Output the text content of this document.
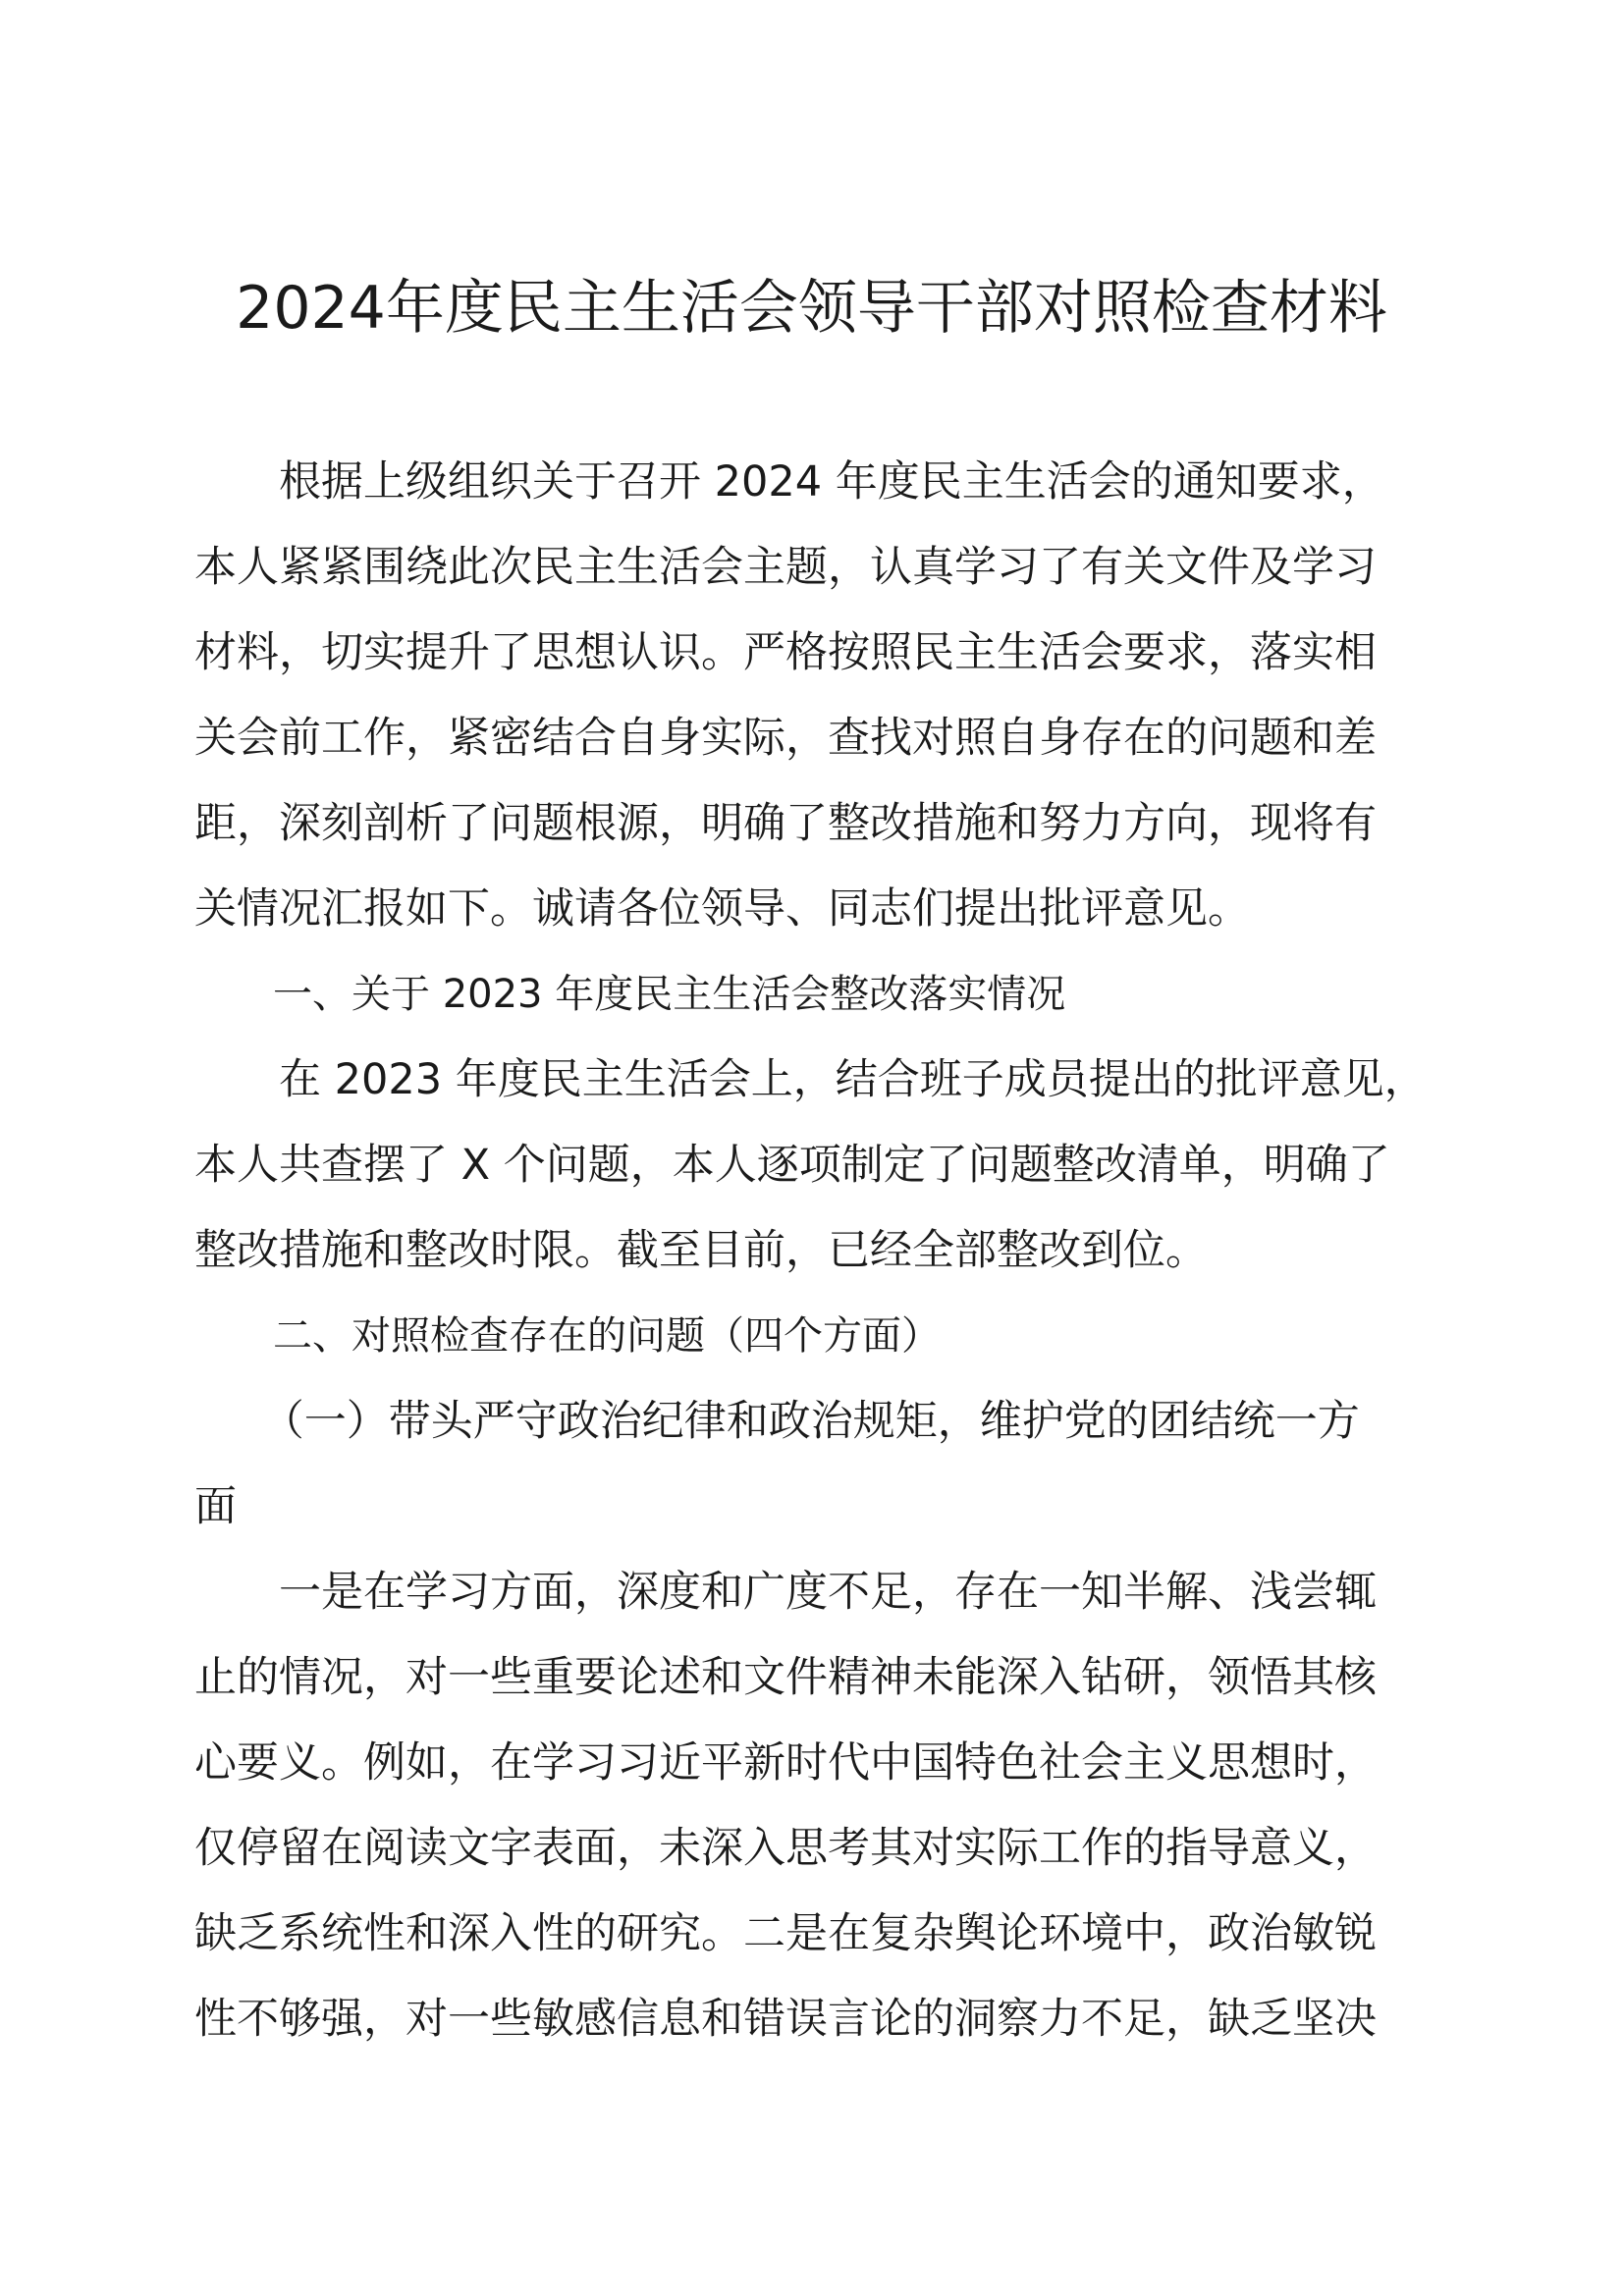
2024年度民主生活会领导干部对照检查材料

根据上级组织关于召开 2024 年度民主生活会的通知要求，
本人紧紧围绕此次民主生活会主题，认真学习了有关文件及学习
材料，切实提升了思想认识。严格按照民主生活会要求，落实相
关会前工作，紧密结合自身实际，查找对照自身存在的问题和差
距，深刻剖析了问题根源，明确了整改措施和努力方向，现将有
关情况汇报如下。诚请各位领导、同志们提出批评意见。

一、关于 2023 年度民主生活会整改落实情况

在 2023 年度民主生活会上，结合班子成员提出的批评意见，
本人共查摆了 X 个问题，本人逐项制定了问题整改清单，明确了
整改措施和整改时限。截至目前，已经全部整改到位。

二、对照检查存在的问题（四个方面）

（一）带头严守政治纪律和政治规矩，维护党的团结统一方
面

一是在学习方面，深度和广度不足，存在一知半解、浅尝辄
止的情况，对一些重要论述和文件精神未能深入钻研，领悟其核
心要义。例如，在学习习近平新时代中国特色社会主义思想时，
仅停留在阅读文字表面，未深入思考其对实际工作的指导意义，
缺乏系统性和深入性的研究。二是在复杂舆论环境中，政治敏锐
性不够强，对一些敏感信息和错误言论的洞察力不足，缺乏坚决
